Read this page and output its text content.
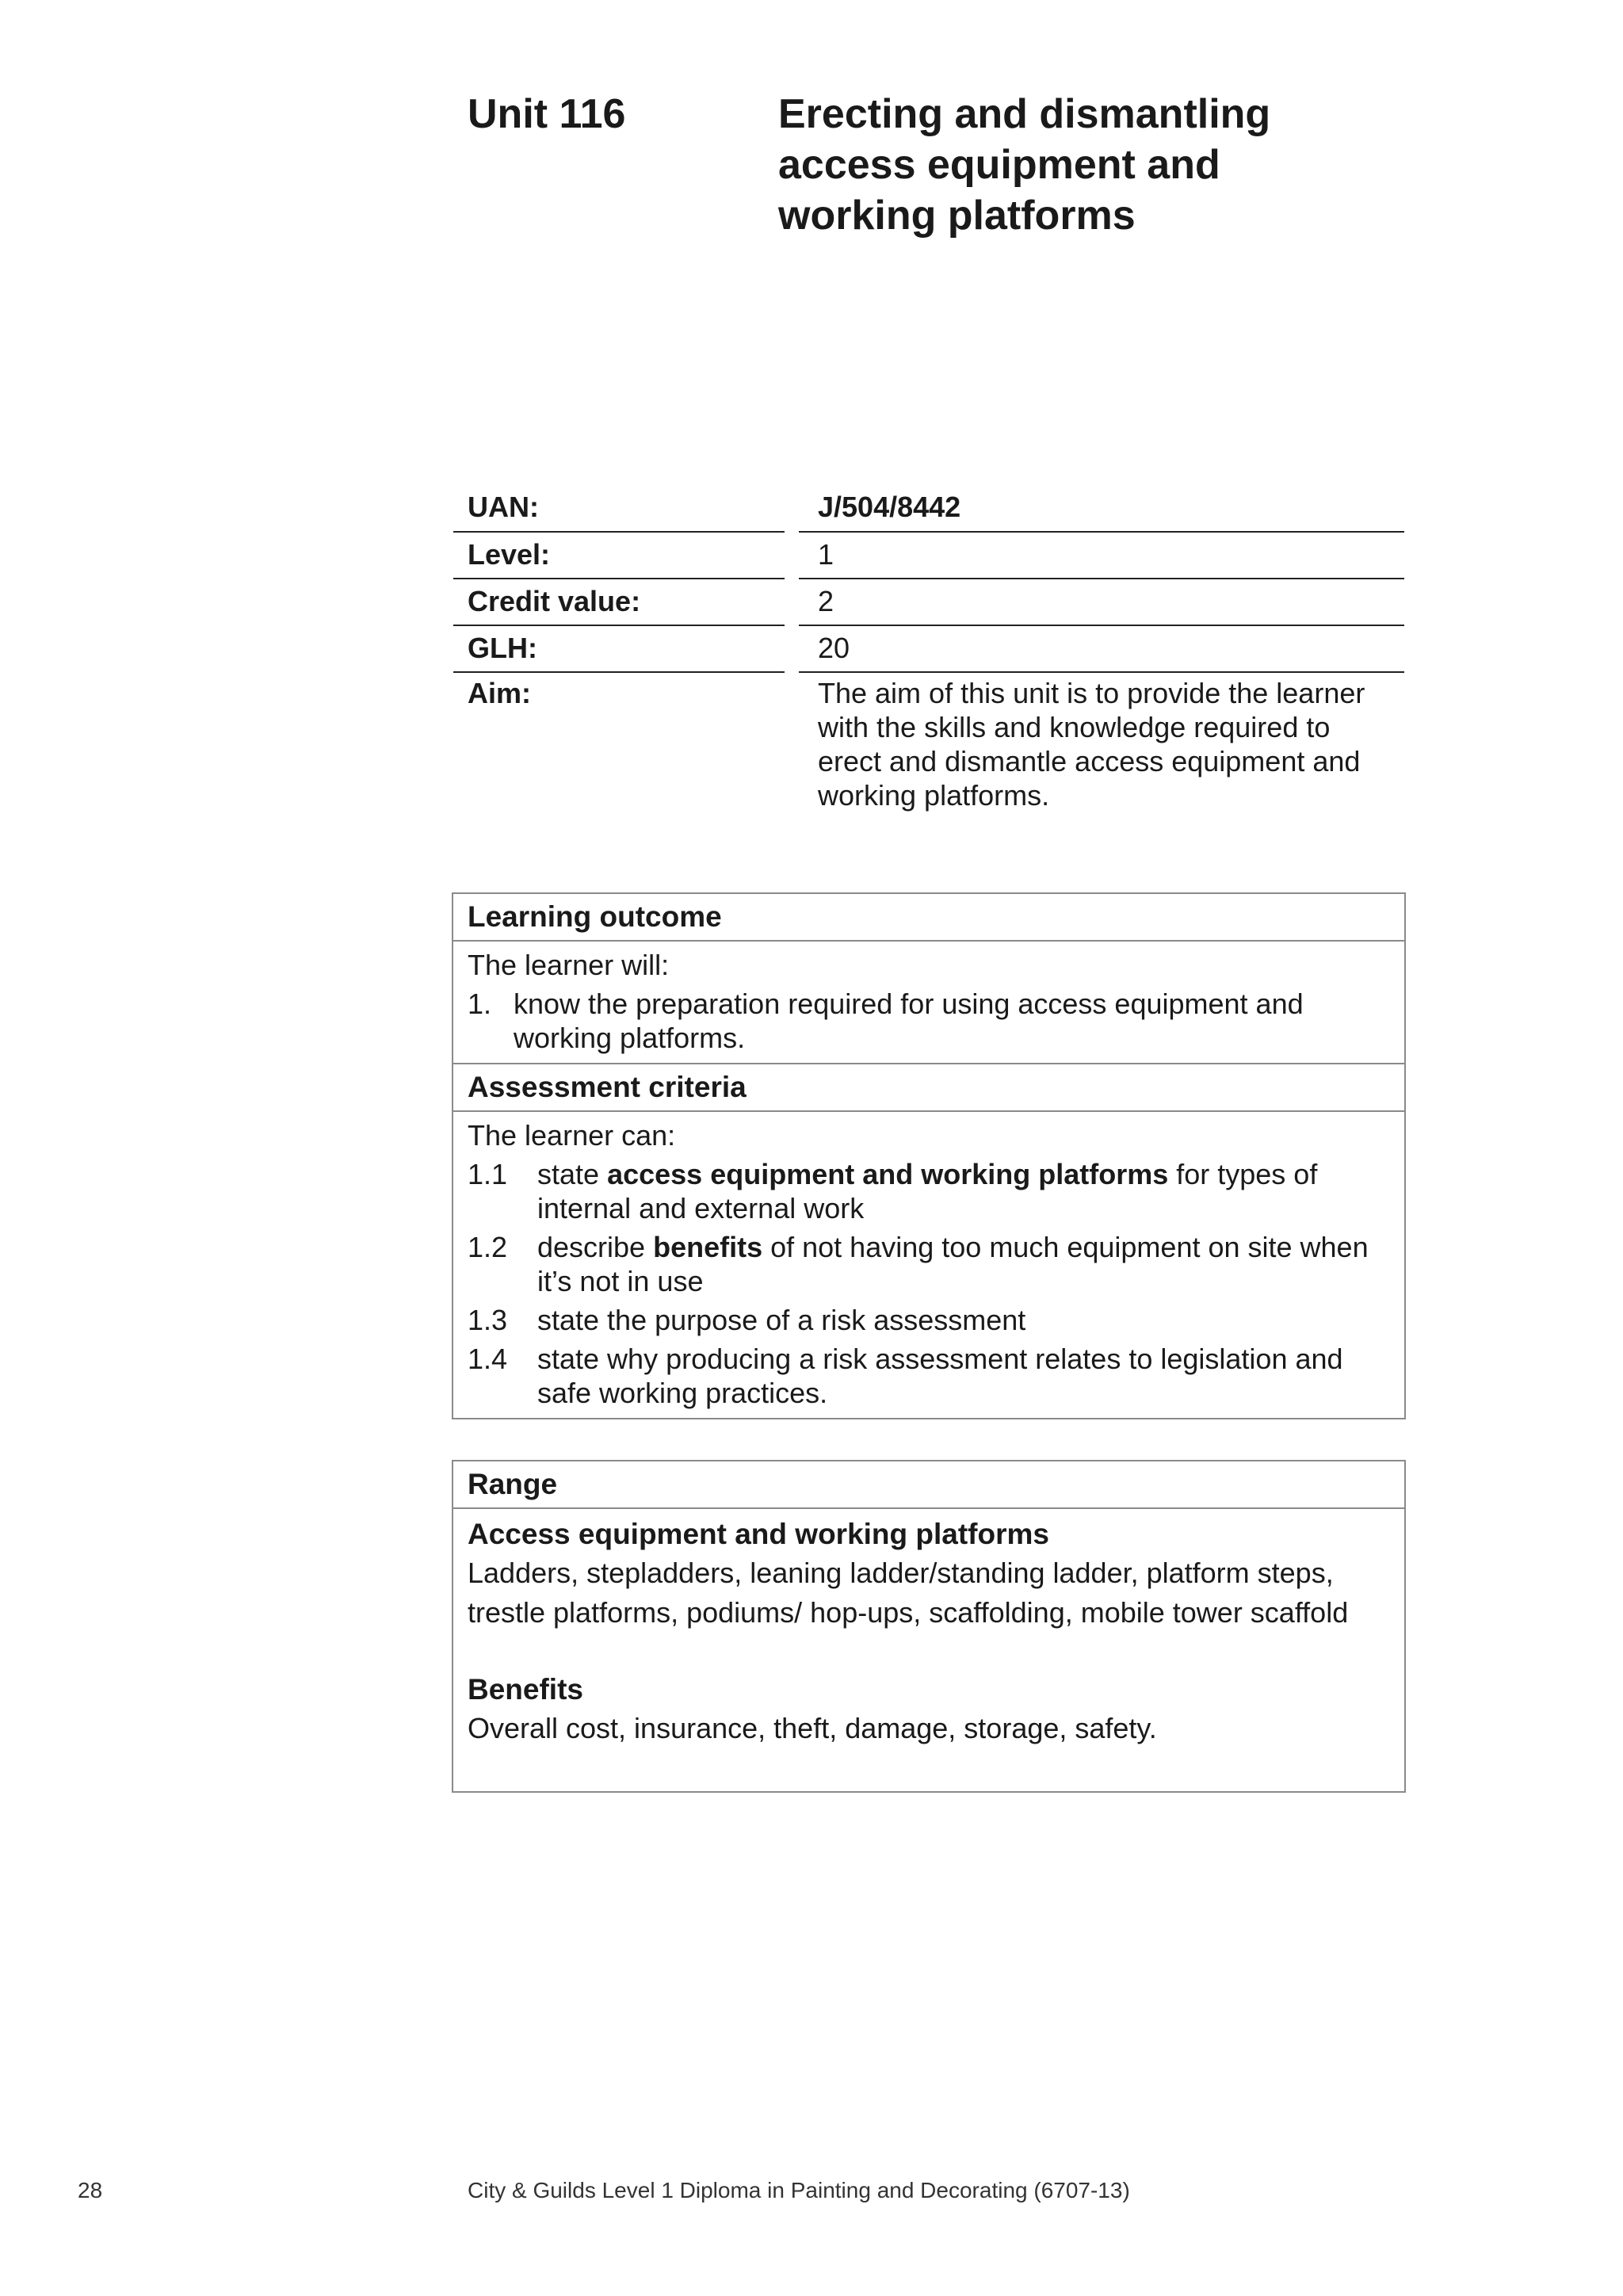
Unit 116	Erecting and dismantling access equipment and working platforms
UAN:		J/504/8442
Level:		1
Credit value:		2
GLH:		20
Aim:		The aim of this unit is to provide the learner with the skills and knowledge required to erect and dismantle access equipment and working platforms.
Learning outcome
The learner will:
1. know the preparation required for using access equipment and working platforms.
Assessment criteria
The learner can:
1.1	state access equipment and working platforms for types of internal and external work
1.2	describe benefits of not having too much equipment on site when it’s not in use
1.3	state the purpose of a risk assessment
1.4	state why producing a risk assessment relates to legislation and safe working practices.
Range
Access equipment and working platforms
Ladders, stepladders, leaning ladder/standing ladder, platform steps, trestle platforms, podiums/ hop-ups, scaffolding, mobile tower scaffold
Benefits
Overall cost, insurance, theft, damage, storage, safety.
28	City & Guilds Level 1 Diploma in Painting and Decorating (6707-13)
